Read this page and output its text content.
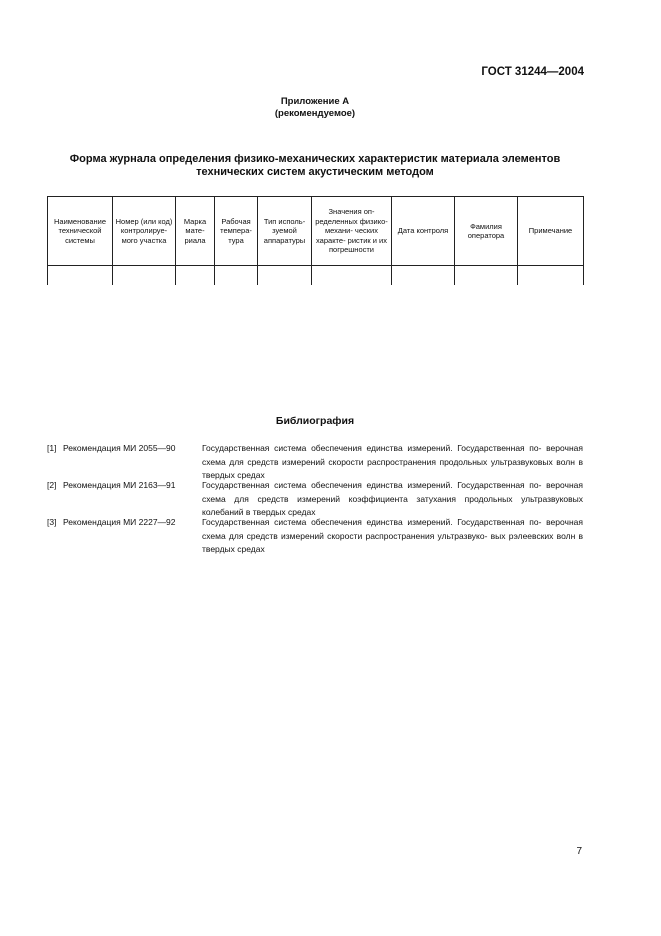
ГОСТ 31244—2004
Приложение А
(рекомендуемое)
Форма журнала определения физико-механических характеристик материала элементов
технических систем акустическим методом
Наименование технической системы	Номер (или код) контролируе- мого участка	Марка мате- риала	Рабочая темпера- тура	Тип исполь- зуемой аппаратуры	Значения оп- ределенных физико-механи- ческих характе- ристик и их погрешности	Дата контроля	Фамилия оператора	Примечание

Библиография
[1] Рекомендация МИ 2055—90	Государственная система обеспечения единства измерений. Государственная по- верочная схема для средств измерений скорости распространения продольных ультразвуковых волн в твердых средах
[2] Рекомендация МИ 2163—91	Государственная система обеспечения единства измерений. Государственная по- верочная схема для средств измерений коэффициента затухания продольных ультразвуковых колебаний в твердых средах
[3] Рекомендация МИ 2227—92	Государственная система обеспечения единства измерений. Государственная по- верочная схема для средств измерений скорости распространения ультразвуко- вых рэлеевских волн в твердых средах
7
